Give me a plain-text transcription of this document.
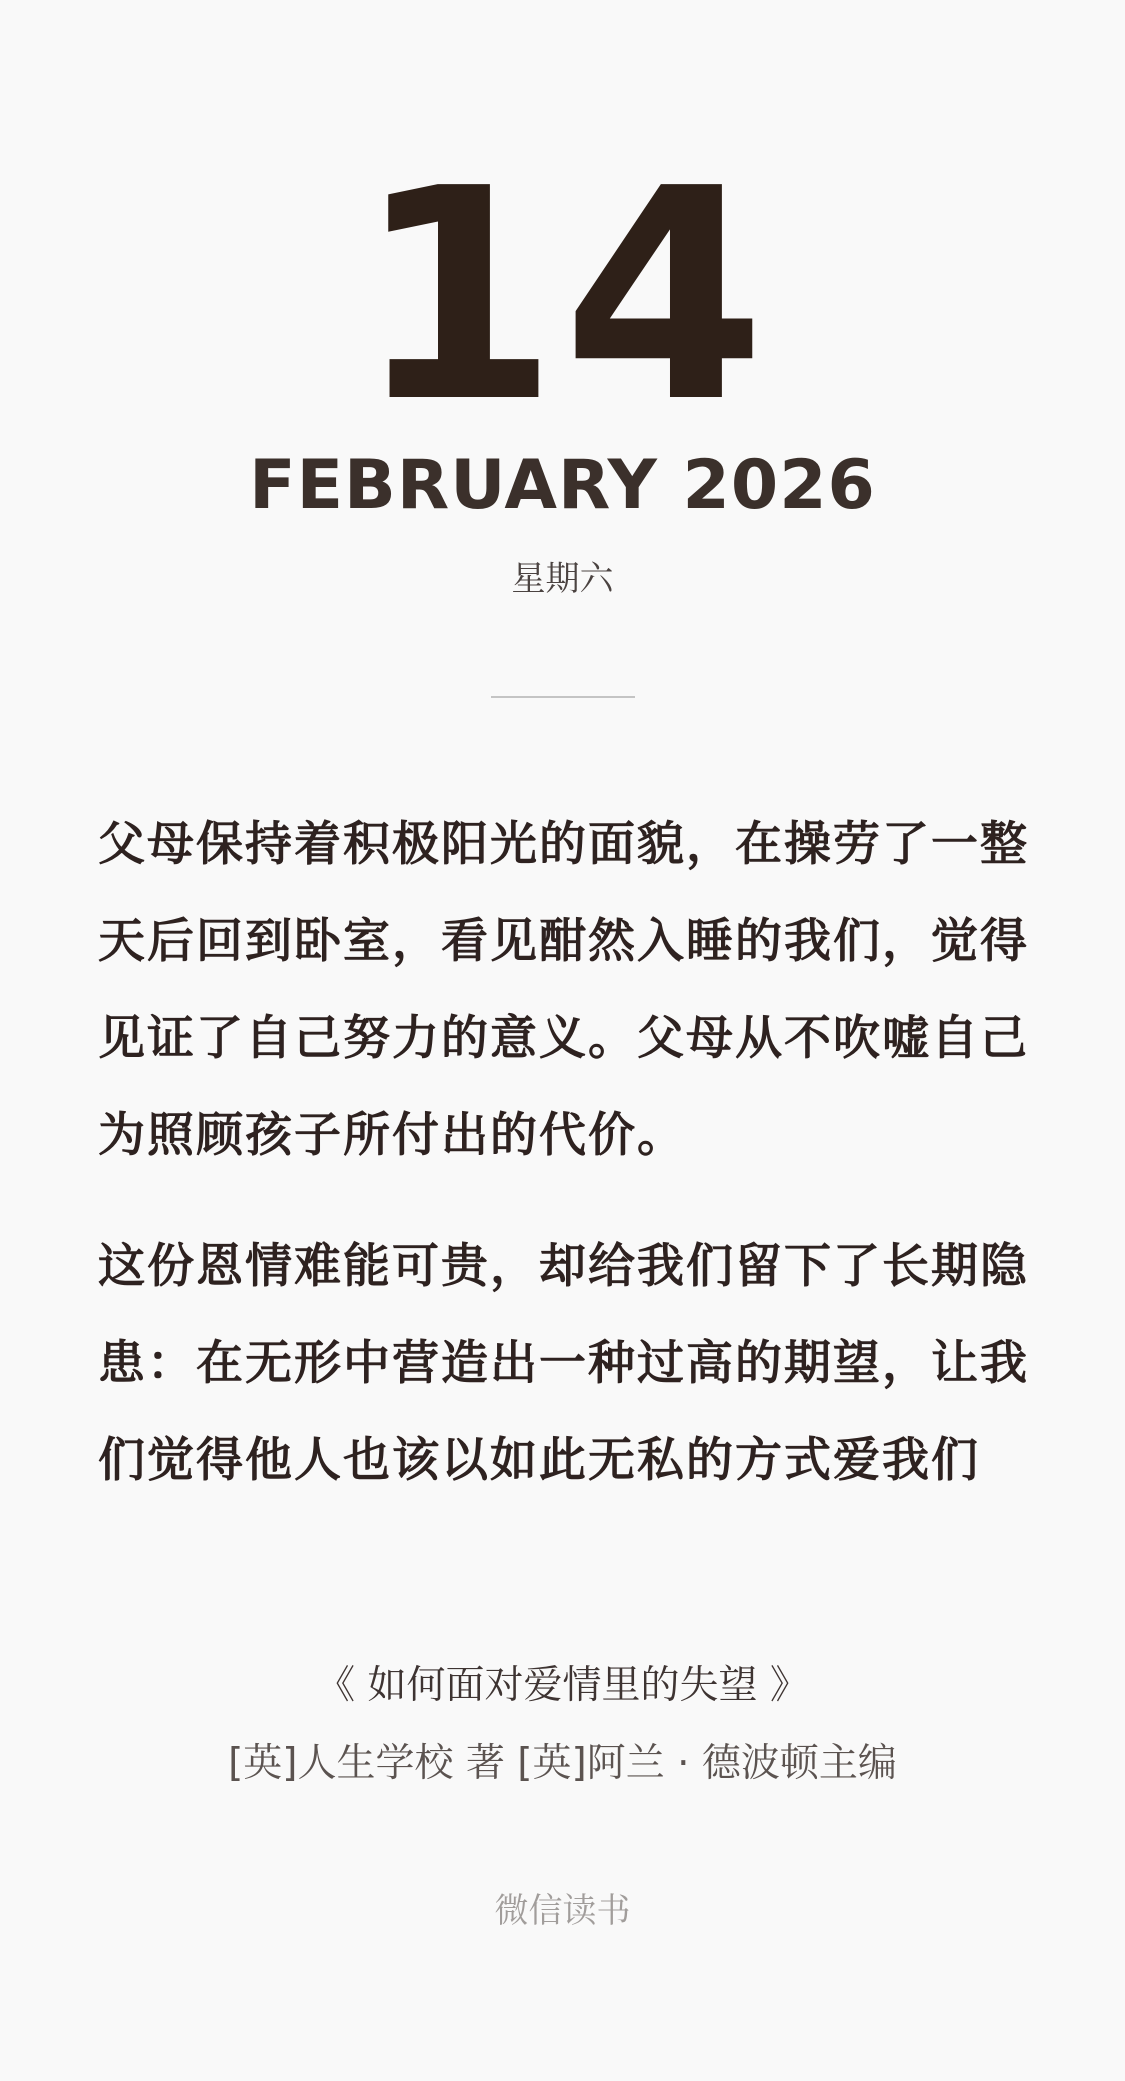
14
FEBRUARY 2026
星期六

父母保持着积极阳光的面貌，在操劳了一整天后回到卧室，看见酣然入睡的我们，觉得见证了自己努力的意义。父母从不吹嘘自己为照顾孩子所付出的代价。

这份恩情难能可贵，却给我们留下了长期隐患：在无形中营造出一种过高的期望，让我们觉得他人也该以如此无私的方式爱我们

《 如何面对爱情里的失望 》
[英]人生学校 著 [英]阿兰 · 德波顿主编
微信读书
